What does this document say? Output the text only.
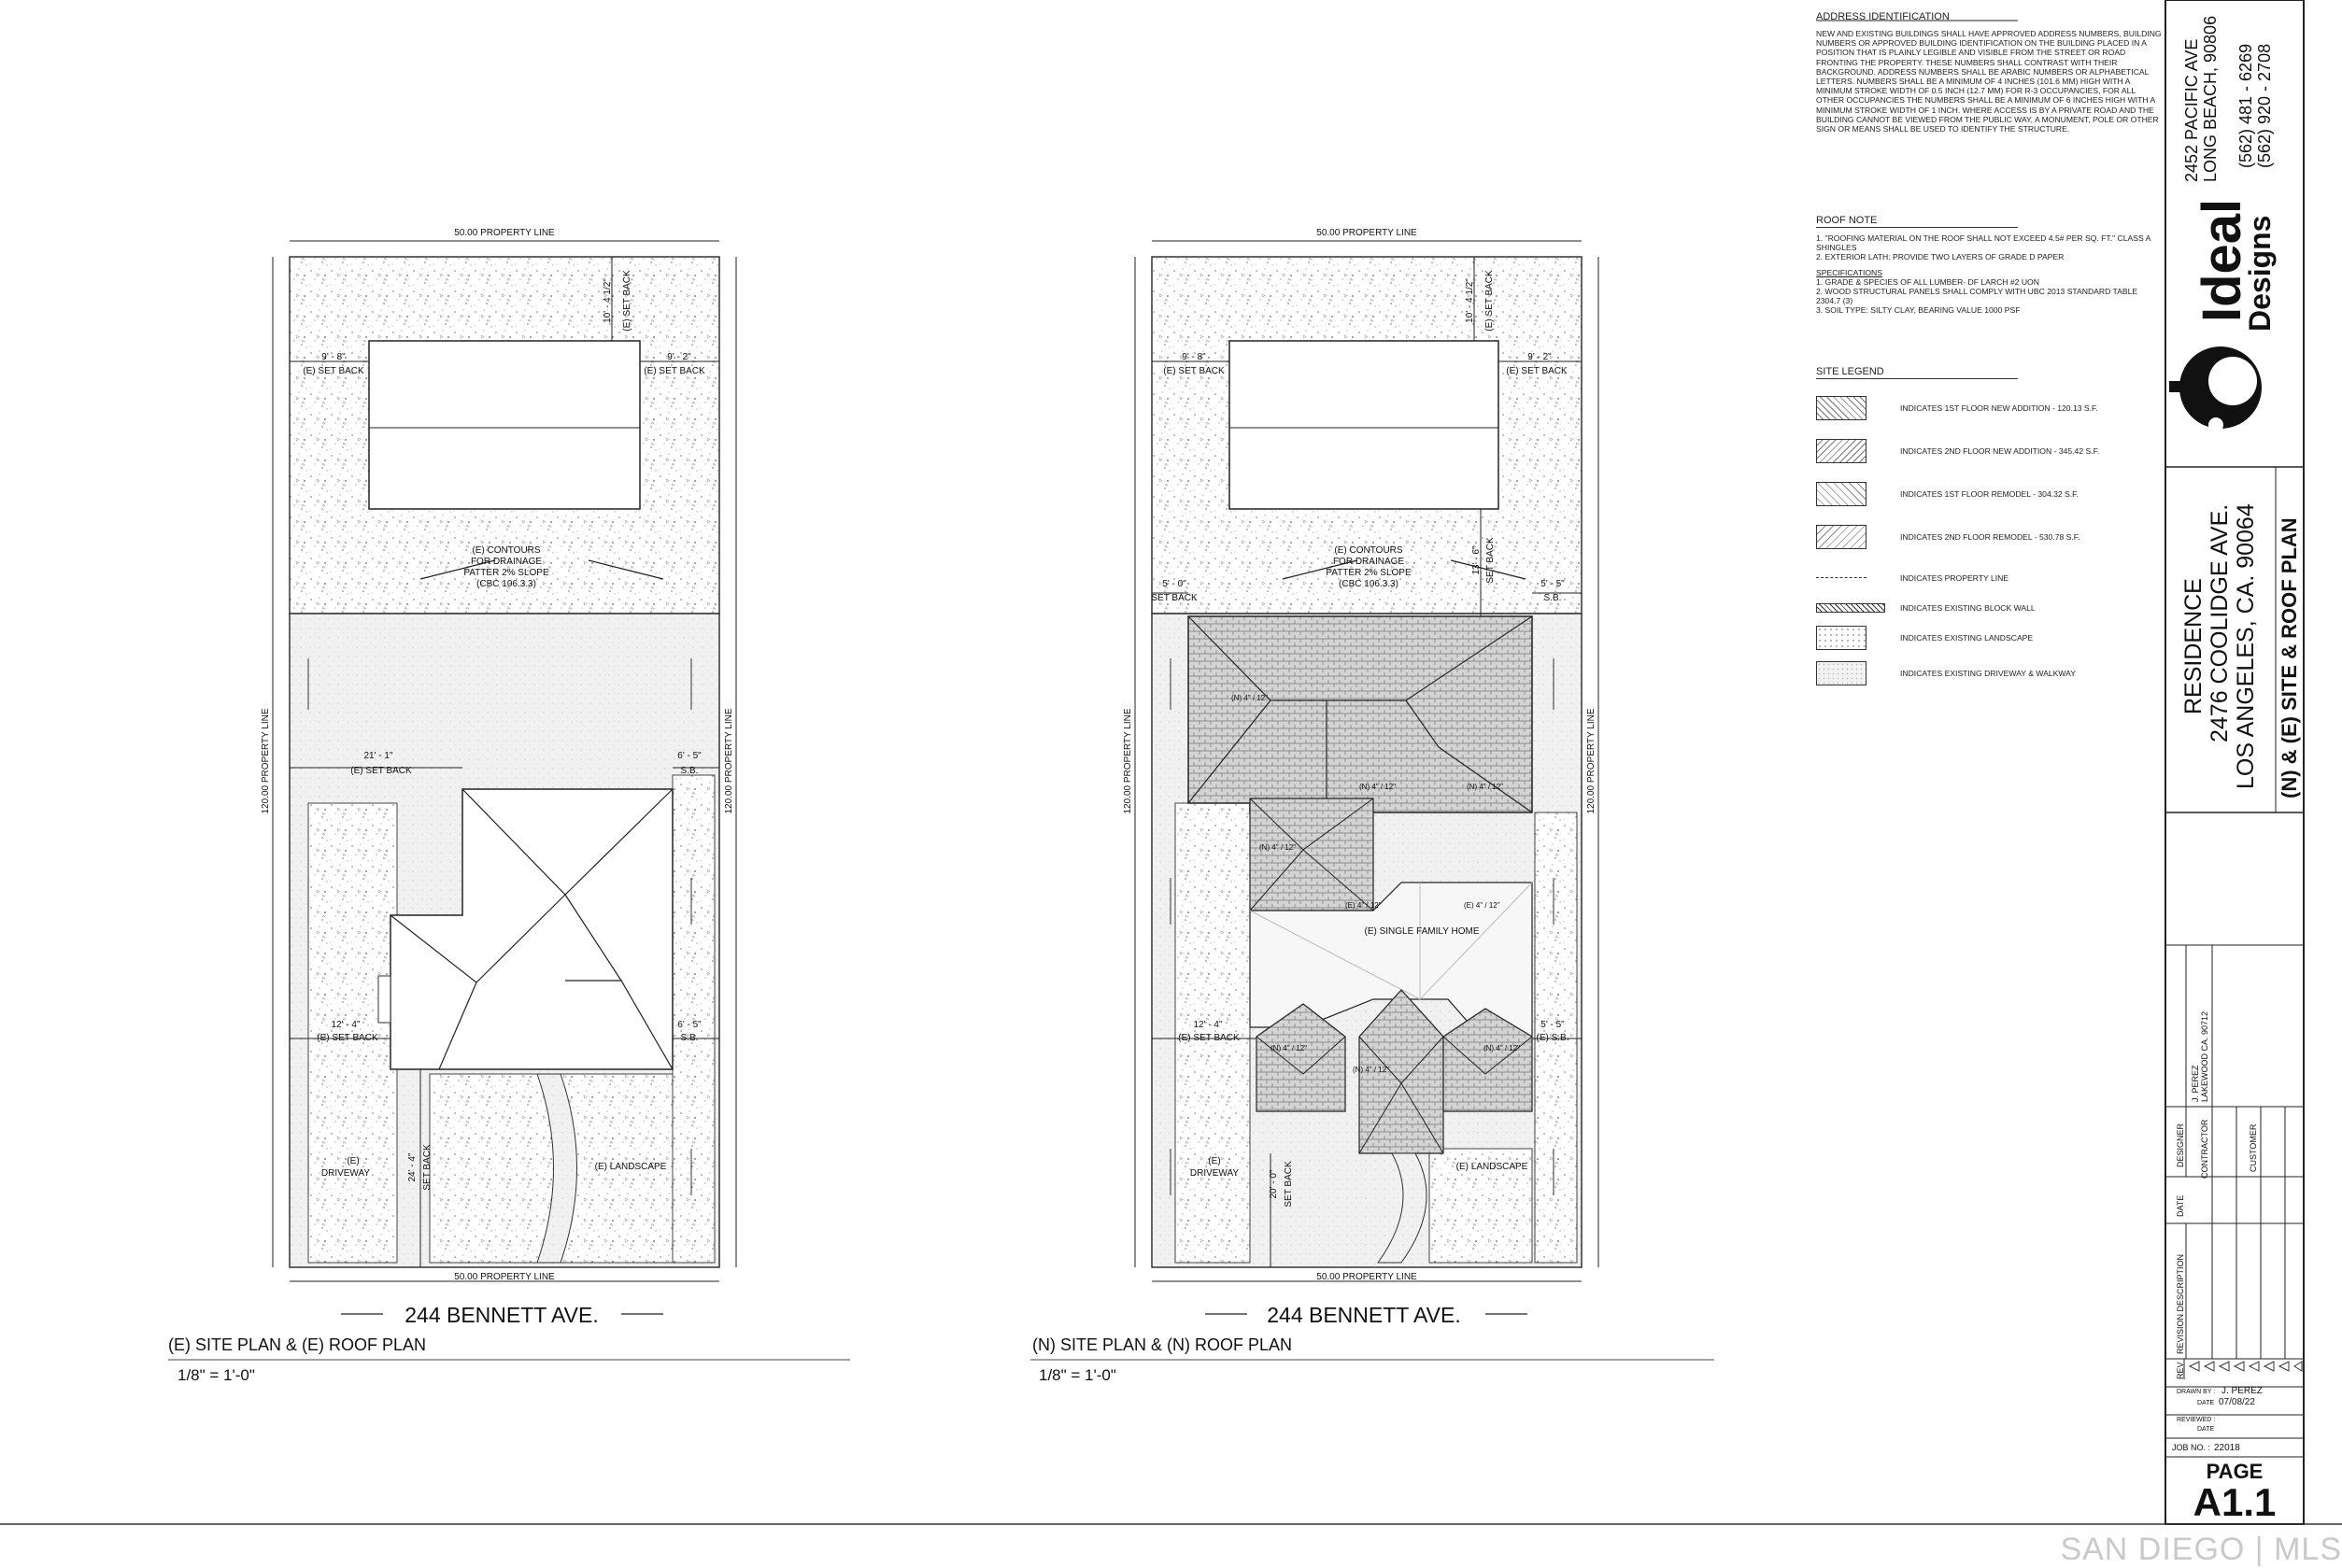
50.00 PROPERTY LINE
50.00 PROPERTY LINE
120.00 PROPERTY LINE	120.00 PROPERTY LINE
9' - 8"
(E) SET BACK
10' - 4 1/2" (E) SET BACK
9' - 2"
(E) SET BACK
(E) CONTOURS
FOR DRAINAGE
PATTER 2% SLOPE
(CBC 106.3.3)
21' - 1"
(E) SET BACK
6' - 5"
S.B.
12' - 4"
(E) SET BACK
6' - 5"
S.B.
24' - 4" SET BACK
(E)
DRIVEWAY
(E) LANDSCAPE
244 BENNETT AVE.
(E) SITE PLAN & (E) ROOF PLAN
1/8" = 1'-0"
50.00 PROPERTY LINE
50.00 PROPERTY LINE
120.00 PROPERTY LINE	120.00 PROPERTY LINE
9' - 8"
(E) SET BACK
10' - 4 1/2" (E) SET BACK
9' - 2"
(E) SET BACK
(E) CONTOURS
FOR DRAINAGE
PATTER 2% SLOPE
(CBC 106.3.3)
13' - 6" SET BACK
5' - 0"
SET BACK
5' - 5"
S.B.
12' - 4"
(E) SET BACK
5' - 5"
(E) S.B.
20' - 0" SET BACK
(E) SINGLE FAMILY HOME
(N) 4" / 12"
(N) 4" / 12"	(N) 4" / 12"
(N) 4" / 12"
(N) 4" / 12"
(N) 4" / 12"	(N) 4" / 12"
(E) 4" / 12"	(E) 4" / 12"
(E)
DRIVEWAY
(E) LANDSCAPE
244 BENNETT AVE.
(N) SITE PLAN & (N) ROOF PLAN
1/8" = 1'-0"
Ideal
Designs
2452 PACIFIC AVE LONG BEACH, 90806 (562) 481 - 6269 (562) 920 - 2708
RESIDENCE 2476 COOLIDGE AVE. LOS ANGELES, CA. 90064 (N) & (E) SITE & ROOF PLAN
DESIGNER
DATE
REVISION DESCRIPTION
REV
J. PEREZ LAKEWOOD CA. 90712
CONTRACTOR	CUSTOMER
DRAWN BY : J. PEREZ
DATE 07/08/22
REVIEWED :
DATE
JOB NO. : 22018
PAGE
A1.1
ADDRESS IDENTIFICATION
NEW AND EXISTING BUILDINGS SHALL HAVE APPROVED ADDRESS NUMBERS, BUILDING NUMBERS OR APPROVED BUILDING IDENTIFICATION ON THE BUILDING PLACED IN A POSITION THAT IS PLAINLY LEGIBLE AND VISIBLE FROM THE STREET OR ROAD FRONTING THE PROPERTY. THESE NUMBERS SHALL CONTRAST WITH THEIR BACKGROUND. ADDRESS NUMBERS SHALL BE ARABIC NUMBERS OR ALPHABETICAL LETTERS. NUMBERS SHALL BE A MINIMUM OF 4 INCHES (101.6 MM) HIGH WITH A MINIMUM STROKE WIDTH OF 0.5 INCH (12.7 MM) FOR R-3 OCCUPANCIES, FOR ALL OTHER OCCUPANCIES THE NUMBERS SHALL BE A MINIMUM OF 6 INCHES HIGH WITH A MINIMUM STROKE WIDTH OF 1 INCH. WHERE ACCESS IS BY A PRIVATE ROAD AND THE BUILDING CANNOT BE VIEWED FROM THE PUBLIC WAY, A MONUMENT, POLE OR OTHER SIGN OR MEANS SHALL BE USED TO IDENTIFY THE STRUCTURE.
ROOF NOTE
1. "ROOFING MATERIAL ON THE ROOF SHALL NOT EXCEED 4.5# PER SQ. FT." CLASS A SHINGLES
2. EXTERIOR LATH: PROVIDE TWO LAYERS OF GRADE D PAPER
SPECIFICATIONS
1. GRADE & SPECIES OF ALL LUMBER- DF LARCH #2 UON
2. WOOD STRUCTURAL PANELS SHALL COMPLY WITH UBC 2013 STANDARD TABLE 2304.7 (3)
3. SOIL TYPE: SILTY CLAY, BEARING VALUE 1000 PSF
SITE LEGEND
INDICATES 1ST FLOOR NEW ADDITION - 120.13 S.F.
INDICATES 2ND FLOOR NEW ADDITION - 345.42 S.F.
INDICATES 1ST FLOOR REMODEL - 304.32 S.F.
INDICATES 2ND FLOOR REMODEL - 530.78 S.F.
INDICATES PROPERTY LINE
INDICATES EXISTING BLOCK WALL
INDICATES EXISTING LANDSCAPE
INDICATES EXISTING DRIVEWAY & WALKWAY
SAN DIEGO | MLS
